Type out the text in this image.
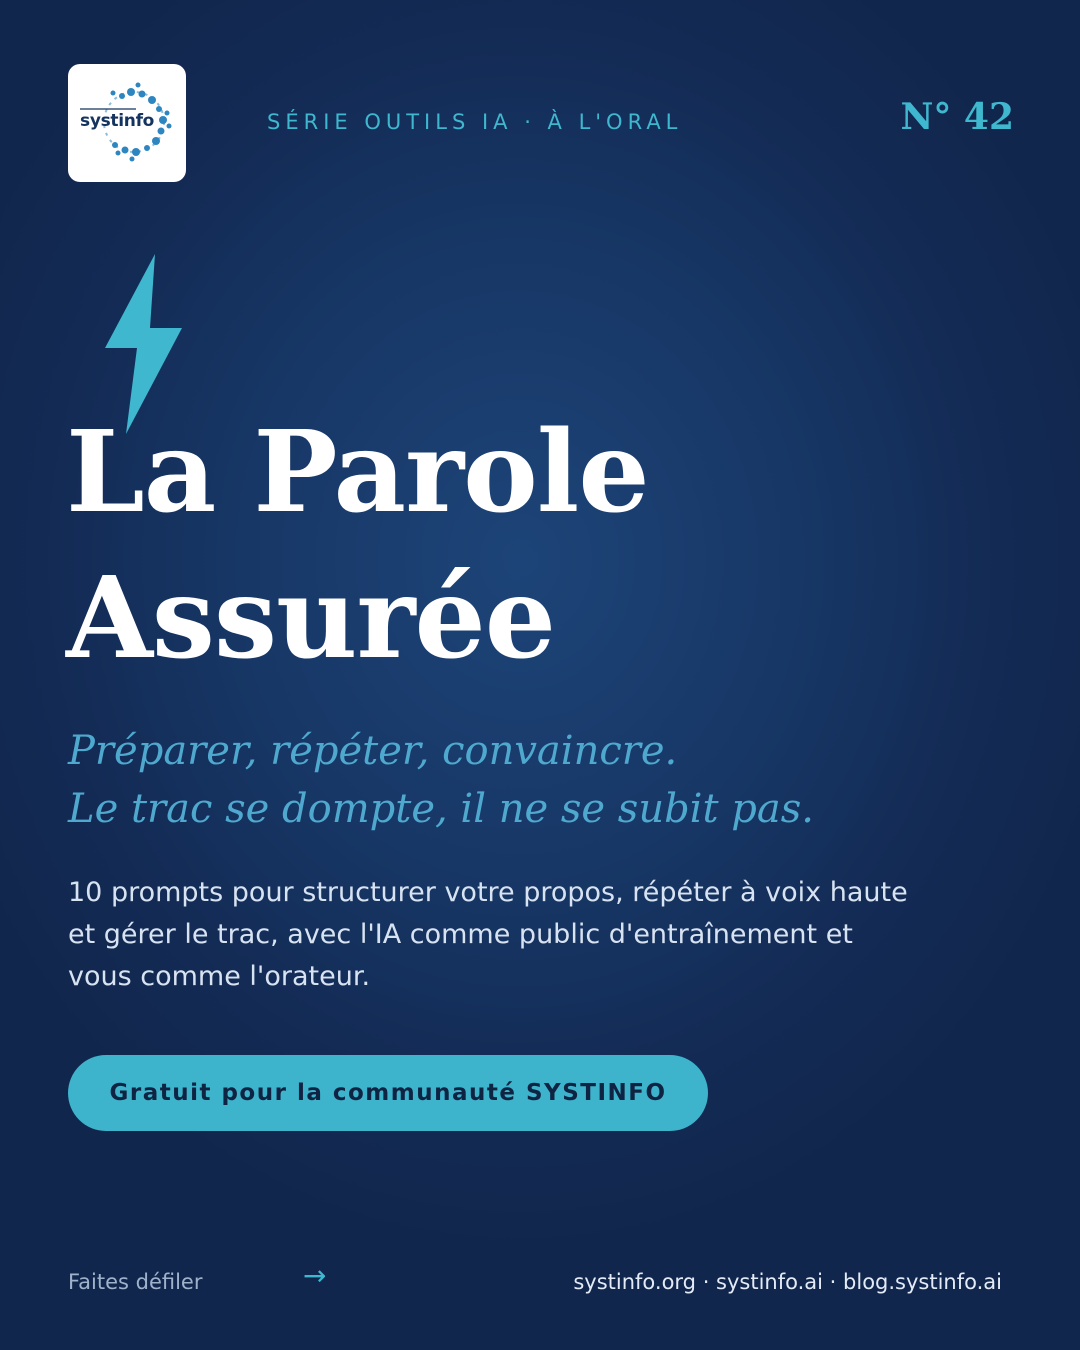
systinfo	SÉRIE OUTILS IA · À L'ORAL	N° 42
La Parole
Assurée
Préparer, répéter, convaincre.
Le trac se dompte, il ne se subit pas.

10 prompts pour structurer votre propos, répéter à voix haute et gérer le trac, avec l'IA comme public d'entraînement et vous comme l'orateur.

Gratuit pour la communauté SYSTINFO
Faites défiler	→	systinfo.org · systinfo.ai · blog.systinfo.ai
